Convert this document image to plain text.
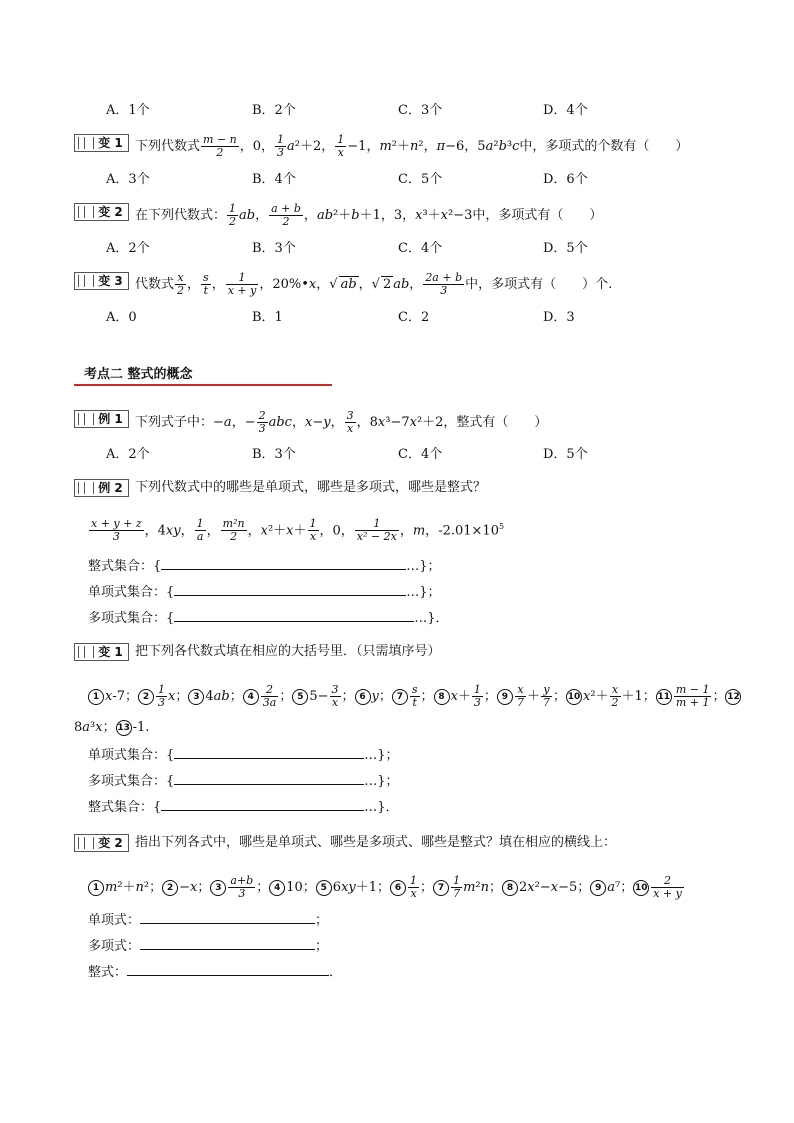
A．1个	B．2个	C．3个	D．4个
变 1 下列代数式 $\frac{m - n}{2}$ ，0， $\frac{1}{3} a^2+2$， $\frac{1}{x} -1$，m²＋n²，π−6，5a²b³c中，多项式的个数有（　　）
A．3个	B．4个	C．5个	D．6个
变 2 在下列代数式： $\frac{1}{2}$ ab， $\frac{a + b}{2}$ ，ab²＋b＋1，3，x³＋x²−3中，多项式有（　　）
A．2个	B．3个	C．4个	D．5个
变 3 代数式 $\frac{x}{2}$ ， $\frac{s}{t}$ ， $\frac{1}{x + y}$ ，20%•x，√ ab ，√ 2 ab， $\frac{2a + b}{3}$ 中，多项式有（　　）个.
A．0	B．1	C．2	D．3
考点二 整式的概念
例 1 下列式子中：−a，− $\frac{2}{3}$ abc，x−y， $\frac{3}{x}$ ，8x³−7x²＋2，整式有（　　）
A．2个	B．3个	C．4个	D．5个
例 2 下列代数式中的哪些是单项式，哪些是多项式，哪些是整式？
$\frac{x + y + z}{3}$ ，4xy， $\frac{1}{a}$ ， $\frac{\text{m²n}}{2}$ ，$x^2+x+ \frac{1}{x}$ ，0， $\frac{1}{\text{x² − 2x}}$ ，m，$-2.01\times 10^5$
整式集合：{	…}；
单项式集合：{	…}；
多项式集合：{	…}．
变 1 把下列各代数式填在相应的大括号里．（只需填序号）
1 x-7； $2 \frac{1}{3}$ x； 3 4ab； $4 \frac{2}{3a}$ ； 5 $5- \frac{3}{x}$ ； 6 y； $7 \frac{s}{t}$ ； 8 $x+ \frac{1}{3}$ ； $9 \frac{x}{7} + \frac{y}{7}$ ； 10 $x^2+ \frac{x}{2} +1$； $11 \frac{m - 1}{m + 1}$ ； 12
8a³x； 13 -1.
单项式集合：{	…}；
多项式集合：{	…}；
整式集合：{	…}．
变 2 指出下列各式中，哪些是单项式、哪些是多项式、哪些是整式？填在相应的横线上：
1 m²＋n²； 2 −x； $3 \frac{a+b}{3}$ ； 4 10； 5 6xy＋1； $6 \frac{1}{x}$ ； $7 \frac{1}{7} m^2n$； 8 2x²−x−5； 9 a⁷； $10 \frac{2}{x + y}$
单项式：	；
多项式：	；
整式：	．
